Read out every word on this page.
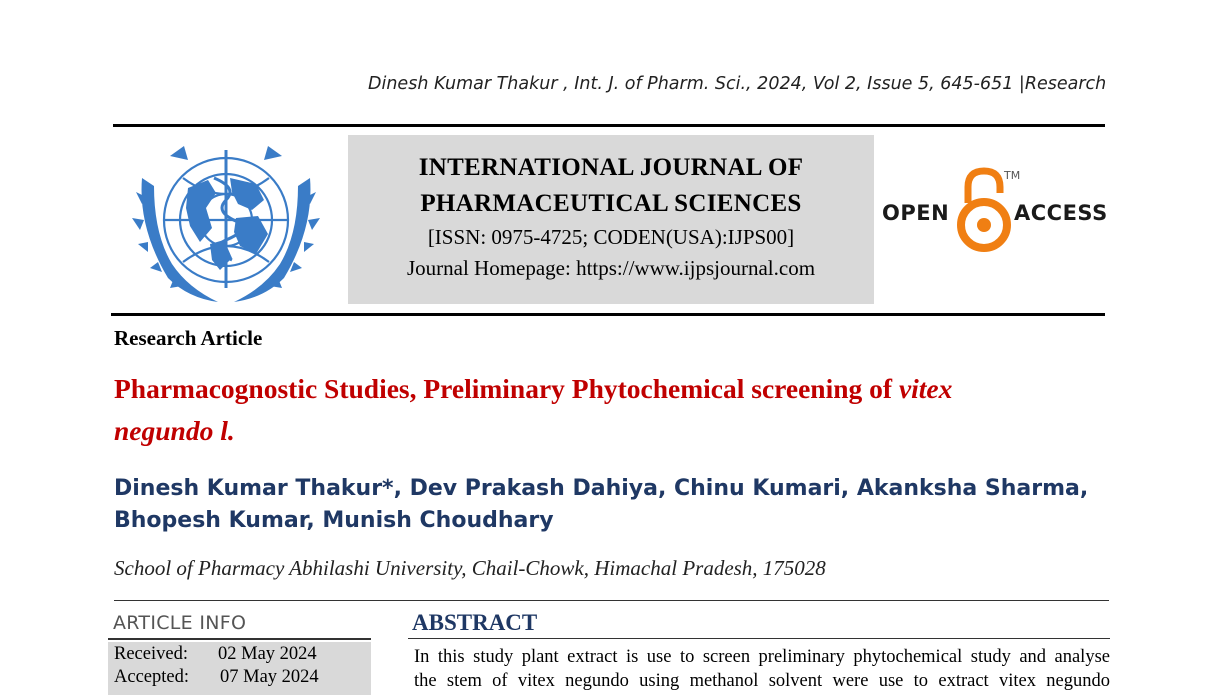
Dinesh Kumar Thakur , Int. J. of Pharm. Sci., 2024, Vol 2, Issue 5, 645-651 |Research
INTERNATIONAL JOURNAL OF
PHARMACEUTICAL SCIENCES
[ISSN: 0975-4725; CODEN(USA):IJPS00]
Journal Homepage: https://www.ijpsjournal.com
OPEN
TM
ACCESS
Research Article
Pharmacognostic Studies, Preliminary Phytochemical screening of vitex
negundo l.
Dinesh Kumar Thakur*, Dev Prakash Dahiya, Chinu Kumari, Akanksha Sharma,
Bhopesh Kumar, Munish Choudhary
School of Pharmacy Abhilashi University, Chail-Chowk, Himachal Pradesh, 175028
ARTICLE INFO
Received: 02 May 2024
Accepted: 07 May 2024
ABSTRACT
In this study plant extract is use to screen preliminary phytochemical study and analyse
the stem of vitex negundo using methanol solvent were use to extract vitex negundo
